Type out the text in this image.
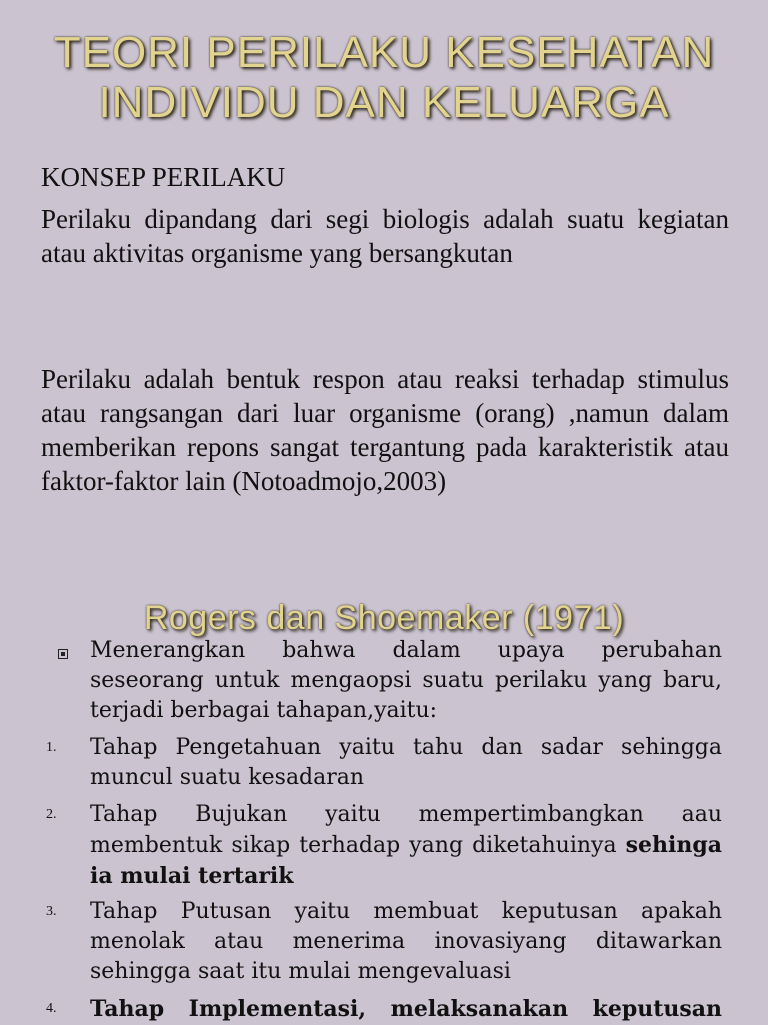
TEORI PERILAKU KESEHATAN
INDIVIDU DAN KELUARGA
KONSEP PERILAKU
Perilaku dipandang dari segi biologis adalah suatu kegiatan atau aktivitas organisme yang bersangkutan
Perilaku adalah bentuk respon atau reaksi terhadap stimulus atau rangsangan dari luar organisme (orang) ,namun dalam memberikan repons sangat tergantung pada karakteristik atau faktor-faktor lain (Notoadmojo,2003)
Rogers dan Shoemaker (1971)
Menerangkan bahwa dalam upaya perubahan seseorang untuk mengaopsi suatu perilaku yang baru, terjadi berbagai tahapan,yaitu:
1. Tahap Pengetahuan yaitu tahu dan sadar sehingga muncul suatu kesadaran
2. Tahap Bujukan yaitu mempertimbangkan aau membentuk sikap terhadap yang diketahuinya sehinga ia mulai tertarik
3. Tahap Putusan yaitu membuat keputusan apakah menolak atau menerima inovasiyang ditawarkan sehingga saat itu mulai mengevaluasi
4. Tahap Implementasi, melaksanakan keputusan
